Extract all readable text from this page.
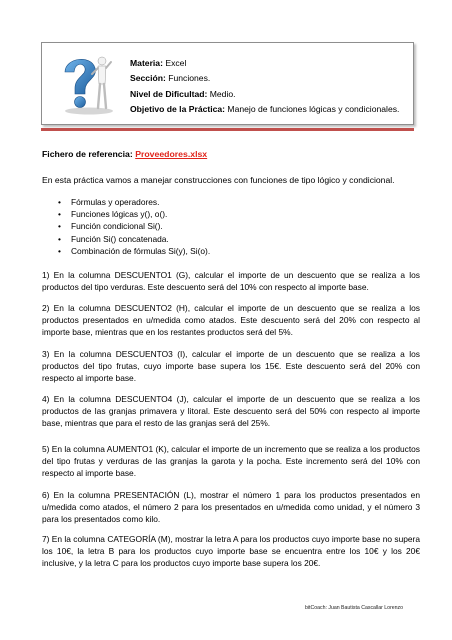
Materia: Excel
Sección: Funciones.
Nivel de Dificultad: Medio.
Objetivo de la Práctica: Manejo de funciones lógicas y condicionales.
Fichero de referencia: Proveedores.xlsx
En esta práctica vamos a manejar construcciones con funciones de tipo lógico y condicional.
• Fórmulas y operadores.
• Funciones lógicas y(), o().
• Función condicional Si().
• Función Si() concatenada.
• Combinación de fórmulas Si(y), Si(o).

1) En la columna DESCUENTO1 (G), calcular el importe de un descuento que se realiza a los productos del tipo verduras. Este descuento será del 10% con respecto al importe base.

2) En la columna DESCUENTO2 (H), calcular el importe de un descuento que se realiza a los productos presentados en u/medida como atados. Este descuento será del 20% con respecto al importe base, mientras que en los restantes productos será del 5%.

3) En la columna DESCUENTO3 (I), calcular el importe de un descuento que se realiza a los productos del tipo frutas, cuyo importe base supera los 15€. Este descuento será del 20% con respecto al importe base.

4) En la columna DESCUENTO4 (J), calcular el importe de un descuento que se realiza a los productos de las granjas primavera y litoral. Este descuento será del 50% con respecto al importe base, mientras que para el resto de las granjas será del 25%.

5) En la columna AUMENTO1 (K), calcular el importe de un incremento que se realiza a los productos del tipo frutas y verduras de las granjas la garota y la pocha. Este incremento será del 10% con respecto al importe base.

6) En la columna PRESENTACIÓN (L), mostrar el número 1 para los productos presentados en u/medida como atados, el número 2 para los presentados en u/medida como unidad, y el número 3 para los presentados como kilo.

7) En la columna CATEGORÍA (M), mostrar la letra A para los productos cuyo importe base no supera los 10€, la letra B para los productos cuyo importe base se encuentra entre los 10€ y los 20€ inclusive, y la letra C para los productos cuyo importe base supera los 20€.

bitCoach: Juan Bautista Cascallar Lorenzo
